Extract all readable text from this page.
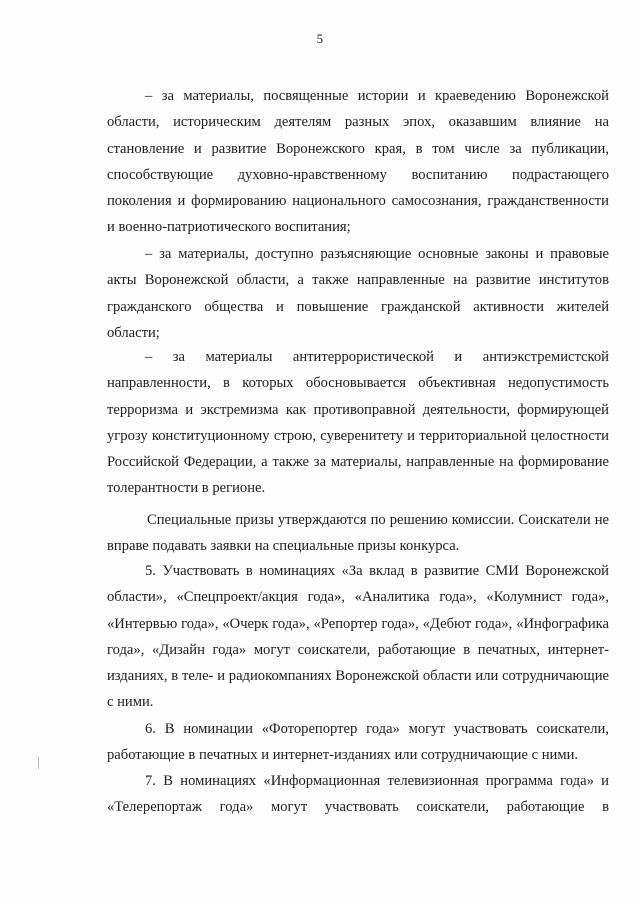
5

– за материалы, посвященные истории и краеведению Воронежской области, историческим деятелям разных эпох, оказавшим влияние на становление и развитие Воронежского края, в том числе за публикации, способствующие духовно-нравственному воспитанию подрастающего поколения и формированию национального самосознания, гражданственности и военно-патриотического воспитания;

– за материалы, доступно разъясняющие основные законы и правовые акты Воронежской области, а также направленные на развитие институтов гражданского общества и повышение гражданской активности жителей области;

– за материалы антитеррористической и антиэкстремистской направленности, в которых обосновывается объективная недопустимость терроризма и экстремизма как противоправной деятельности, формирующей угрозу конституционному строю, суверенитету и территориальной целостности Российской Федерации, а также за материалы, направленные на формирование толерантности в регионе.

Специальные призы утверждаются по решению комиссии. Соискатели не вправе подавать заявки на специальные призы конкурса.

5. Участвовать в номинациях «За вклад в развитие СМИ Воронежской области», «Спецпроект/акция года», «Аналитика года», «Колумнист года», «Интервью года», «Очерк года», «Репортер года», «Дебют года», «Инфографика года», «Дизайн года» могут соискатели, работающие в печатных, интернет-изданиях, в теле- и радиокомпаниях Воронежской области или сотрудничающие с ними.

6. В номинации «Фоторепортер года» могут участвовать соискатели, работающие в печатных и интернет-изданиях или сотрудничающие с ними.

7. В номинациях «Информационная телевизионная программа года» и «Телерепортаж года» могут участвовать соискатели, работающие в
